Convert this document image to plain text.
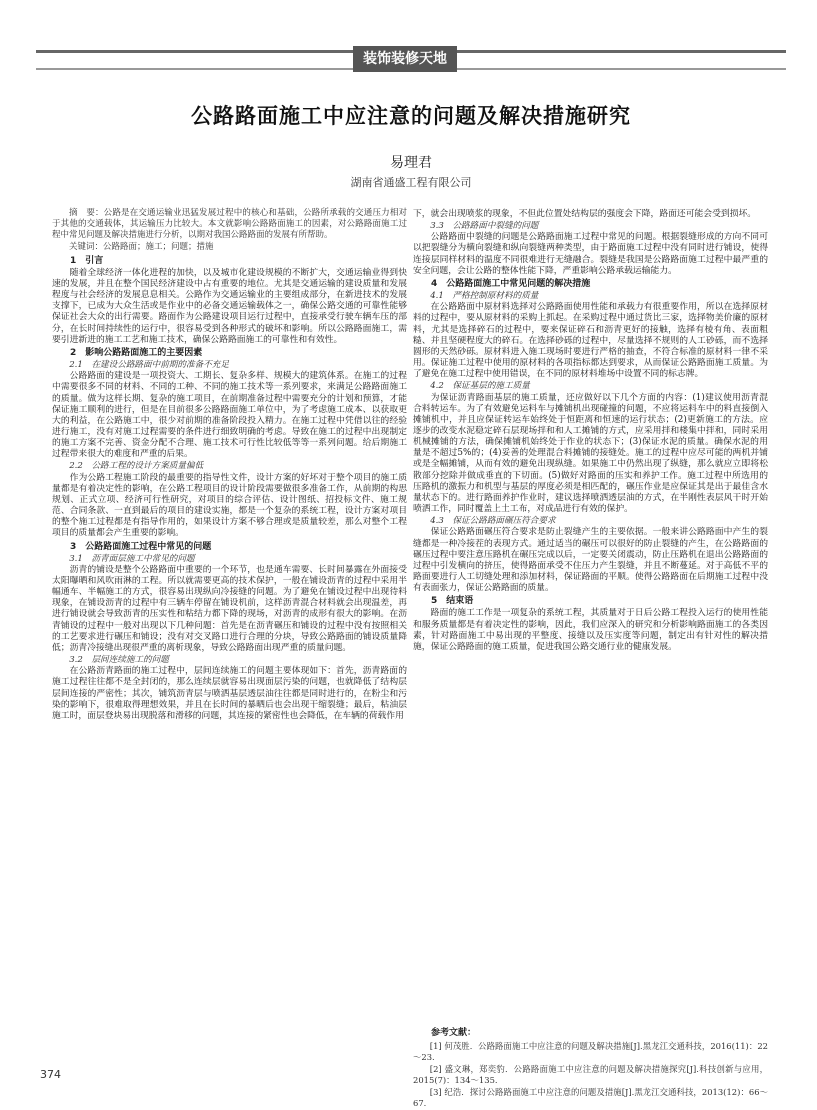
装饰装修天地
公路路面施工中应注意的问题及解决措施研究
易理君
湖南省通盛工程有限公司

摘　要：公路是在交通运输业迅猛发展过程中的核心和基础，公路所承载的交通压力相对于其他的交通载体，其运输压力比较大。本文就影响公路路面施工的因素，对公路路面施工过程中常见问题及解决措施进行分析，以期对我国公路路面的发展有所帮助。

关键词：公路路面；施工；问题；措施

1　引言

随着全球经济一体化进程的加快，以及城市化建设规模的不断扩大，交通运输业得到快速的发展，并且在整个国民经济建设中占有重要的地位。尤其是交通运输的建设质量和发展程度与社会经济的发展息息相关。公路作为交通运输业的主要组成部分，在新进技术的发展支撑下，已成为大众生活或是作业中的必备交通运输载体之一，确保公路交通的可靠性能够保证社会大众的出行需要。路面作为公路建设项目运行过程中，直接承受行驶车辆车压的部分，在长时间持续性的运行中，很容易受到各种形式的破坏和影响。所以公路路面施工，需要引进新进的施工工艺和施工技术，确保公路路面施工的可靠性和有效性。

2　影响公路路面施工的主要因素
2.1　在建设公路路面中前期的准备不充足

公路路面的建设是一项投资大、工期长、复杂多样、规模大的建筑体系。在施工的过程中需要很多不同的材料、不同的工种、不同的施工技术等一系列要求，来满足公路路面施工的质量。做为这样长期、复杂的施工项目，在前期准备过程中需要充分的计划和预算，才能保证施工顺利的进行，但是在目前很多公路路面施工单位中，为了考虑施工成本、以获取更大的利益，在公路施工中，很少对前期的准备阶段投入精力。在施工过程中凭借以往的经验进行施工，没有对施工过程需要的条件进行细致明确的考虑。导致在施工的过程中出现制定的施工方案不完善、资金分配不合理、施工技术可行性比较低等等一系列问题。给后期施工过程带来很大的难度和严重的后果。

2.2　公路工程的设计方案质量偏低

作为公路工程施工阶段的最重要的指导性文件，设计方案的好坏对于整个项目的施工质量都是有着决定性的影响，在公路工程项目的设计阶段需要做很多准备工作，从前期的构思规划、正式立项、经济可行性研究，对项目的综合评估、设计图纸、招投标文件、施工规范、合同条款、一直到最后的项目的建设实施，都是一个复杂的系统工程，设计方案对项目的整个施工过程都是有指导作用的，如果设计方案不够合理或是质量较差，那么对整个工程项目的质量都会产生重要的影响。

3　公路路面施工过程中常见的问题
3.1　沥青面层施工中常见的问题

沥青的铺设是整个公路路面中重要的一个环节，也是通车需要、长时间暴露在外面接受太阳曝晒和风吹雨淋的工程。所以就需要更高的技术保护，一般在铺设沥青的过程中采用半幅通车、半幅施工的方式，很容易出现纵向冷接缝的问题。为了避免在铺设过程中出现待料现象，在铺设沥青的过程中有三辆车停留在铺设机前，这样沥青混合材料就会出现温差，再进行铺设就会导致沥青的压实性和粘结力都下降的现场，对沥青的成形有很大的影响。在沥青铺设的过程中一般对出现以下几种问题：首先是在沥青碾压和铺设的过程中没有按照相关的工艺要求进行碾压和铺设；没有对交叉路口进行合理的分块，导致公路路面的铺设质量降低；沥青冷接缝出现很严重的离析现象，导致公路路面出现严重的质量问题。

3.2　层间连续施工的问题

在公路沥青路面的施工过程中，层间连续施工的问题主要体现如下：首先，沥青路面的施工过程往往都不是全封闭的，那么连续层就容易出现面层污染的问题，也就降低了结构层层间连接的严密性；其次，铺筑沥青层与喷洒基层透层油往往都是同时进行的，在粉尘和污染的影响下，很难取得理想效果，并且在长时间的暴晒后也会出现干缩裂缝；最后，粘油层施工时，面层登块易出现脱落和滑移的问题，其连接的紧密性也会降低，在车辆的荷载作用

下，就会出现喷浆的现象，不但此位置处结构层的强度会下降，路面还可能会受到损坏。

3.3　公路路面中裂缝的问题

公路路面中裂缝的问题是公路路面施工过程中常见的问题。根据裂缝形成的方向不同可以把裂缝分为横向裂缝和纵向裂缝两种类型，由于路面施工过程中没有同时进行铺设，使得连接层同样材料的温度不同很难进行无缝融合。裂缝是我国是公路路面施工过程中最严重的安全问题，会让公路的整体性能下降，严重影响公路承载运输能力。

4　公路路面施工中常见问题的解决措施
4.1　严格控制原材料的质量

在公路路面中原材料选择对公路路面使用性能和承载力有很重要作用，所以在选择原材料的过程中，要从原材料的采购上抓起。在采购过程中通过货比三家，选择物美价廉的原材料，尤其是选择碎石的过程中，要来保证碎石和沥青更好的接触，选择有棱有角、表面粗糙、并且坚硬程度大的碎石。在选择砂砾的过程中，尽量选择不规则的人工砂砾，而不选择圆形的天然砂砾。原材料进入施工现场时要进行严格的抽查，不符合标准的原材料一律不采用。保证施工过程中使用的原材料的各项指标都达到要求，从而保证公路路面施工质量。为了避免在施工过程中使用错误，在不同的原材料堆场中设置不同的标志牌。

4.2　保证基层的施工质量

为保证沥青路面基层的施工质量，还应做好以下几个方面的内容：(1)建议使用沥青混合料转运车。为了有效避免运料车与摊铺机出现碰撞的问题，不应将运料车中的料直接倒入摊铺机中，并且应保证转运车始终处于恒距离和恒速的运行状态；(2)更新施工的方法。应逐步的改变水泥稳定碎石层现场拌和和人工摊铺的方式，应采用拌和楼集中拌和，同时采用机械摊铺的方法，确保摊铺机始终处于作业的状态下；(3)保证水泥的质量。确保水泥的用量是不超过5%的；(4)妥善的处理混合料摊铺的接缝处。施工的过程中应尽可能的两机并铺或是全幅摊铺，从而有效的避免出现纵缝。如果施工中仍然出现了纵缝，那么就应立即将松散部分挖除并做成垂直的下切面。(5)做好对路面的压实和养护工作。施工过程中所选用的压路机的激振力和机型与基层的厚度必须是相匹配的，碾压作业是应保证其是出于最佳含水量状态下的。进行路面养护作业时，建议选择喷洒透层油的方式，在半刚性表层风干时开始喷洒工作，同时覆盖上土工布，对成品进行有效的保护。

4.3　保证公路路面碾压符合要求

保证公路路面碾压符合要求是防止裂缝产生的主要依据。一般来讲公路路面中产生的裂缝都是一种冷接茬的表现方式。通过适当的碾压可以很好的防止裂缝的产生，在公路路面的碾压过程中要注意压路机在碾压完成以后，一定要关闭震动，防止压路机在退出公路路面的过程中引发横向的挤压，使得路面承受不住压力产生裂缝，并且不断蔓延。对于高低不平的路面要进行人工切缝处理和添加材料，保证路面的平顺。使得公路路面在后期施工过程中没有表面张力，保证公路路面的质量。

5　结束语

路面的施工工作是一项复杂的系统工程，其质量对于日后公路工程投入运行的使用性能和服务质量都是有着决定性的影响，因此，我们应深入的研究和分析影响路面施工的各类因素，针对路面施工中易出现的平整度、接缝以及压实度等问题，制定出有针对性的解决措施，保证公路路面的施工质量，促进我国公路交通行业的健康发展。

参考文献：

[1] 何茂胜．公路路面施工中应注意的问题及解决措施[J].黑龙江交通科技，2016(11)：22～23.

[2] 盛文琳，郑奕豹．公路路面施工中应注意的问题及解决措施探究[J].科技创新与应用，2015(7)：134～135.

[3] 纪浩．探讨公路路面施工中应注意的问题及措施[J].黑龙江交通科技，2013(12)：66～67.

374
